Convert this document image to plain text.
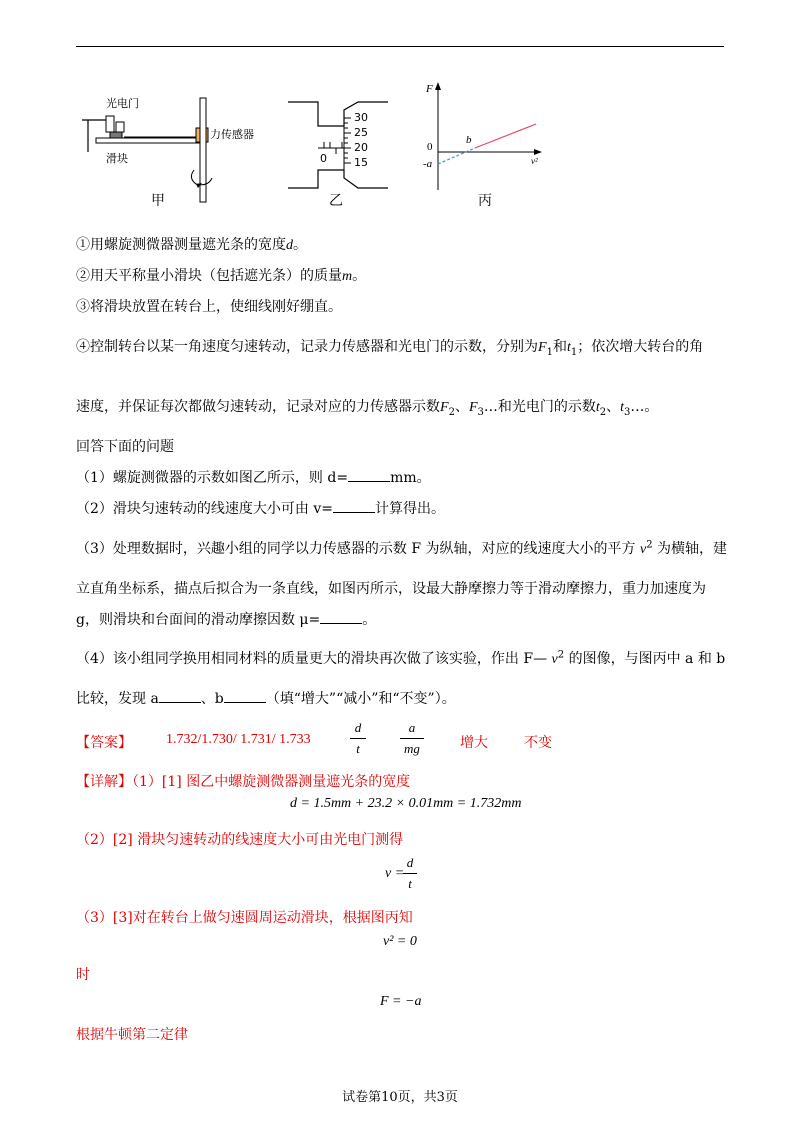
光电门
力传感器
滑块
甲
30
25
20
15
0
乙
F
v²
0
b
-a
丙
①用螺旋测微器测量遮光条的宽度d。
②用天平称量小滑块（包括遮光条）的质量m。
③将滑块放置在转台上，使细线刚好绷直。
④控制转台以某一角速度匀速转动，记录力传感器和光电门的示数，分别为$F_1$和$t_1$；依次增大转台的角
速度，并保证每次都做匀速转动，记录对应的力传感器示数$F_2$、$F_3\dots$和光电门的示数$t_2$、$t_3\dots$。
回答下面的问题
（1）螺旋测微器的示数如图乙所示，则 d=	mm。
（2）滑块匀速转动的线速度大小可由 v=	计算得出。
（3）处理数据时，兴趣小组的同学以力传感器的示数 F 为纵轴，对应的线速度大小的平方 $v^2$ 为横轴，建
立直角坐标系，描点后拟合为一条直线，如图丙所示，设最大静摩擦力等于滑动摩擦力，重力加速度为
g，则滑块和台面间的滑动摩擦因数 μ=	。
（4）该小组同学换用相同材料的质量更大的滑块再次做了该实验，作出 F— $v^2$ 的图像，与图丙中 a 和 b
比较，发现 a	、b	（填“增大”“减小”和“不变”）。
【答案】 1.732/1.730/ 1.731/ 1.733
d
t
a
mg	增大	不变
【详解】（1）[1] 图乙中螺旋测微器测量遮光条的宽度
d = 1.5mm + 23.2 × 0.01mm = 1.732mm
（2）[2] 滑块匀速转动的线速度大小可由光电门测得
v =
d
t
（3）[3]对在转台上做匀速圆周运动滑块，根据图丙知
v² = 0
时
F = −a
根据牛顿第二定律
试卷第10页，共3页
